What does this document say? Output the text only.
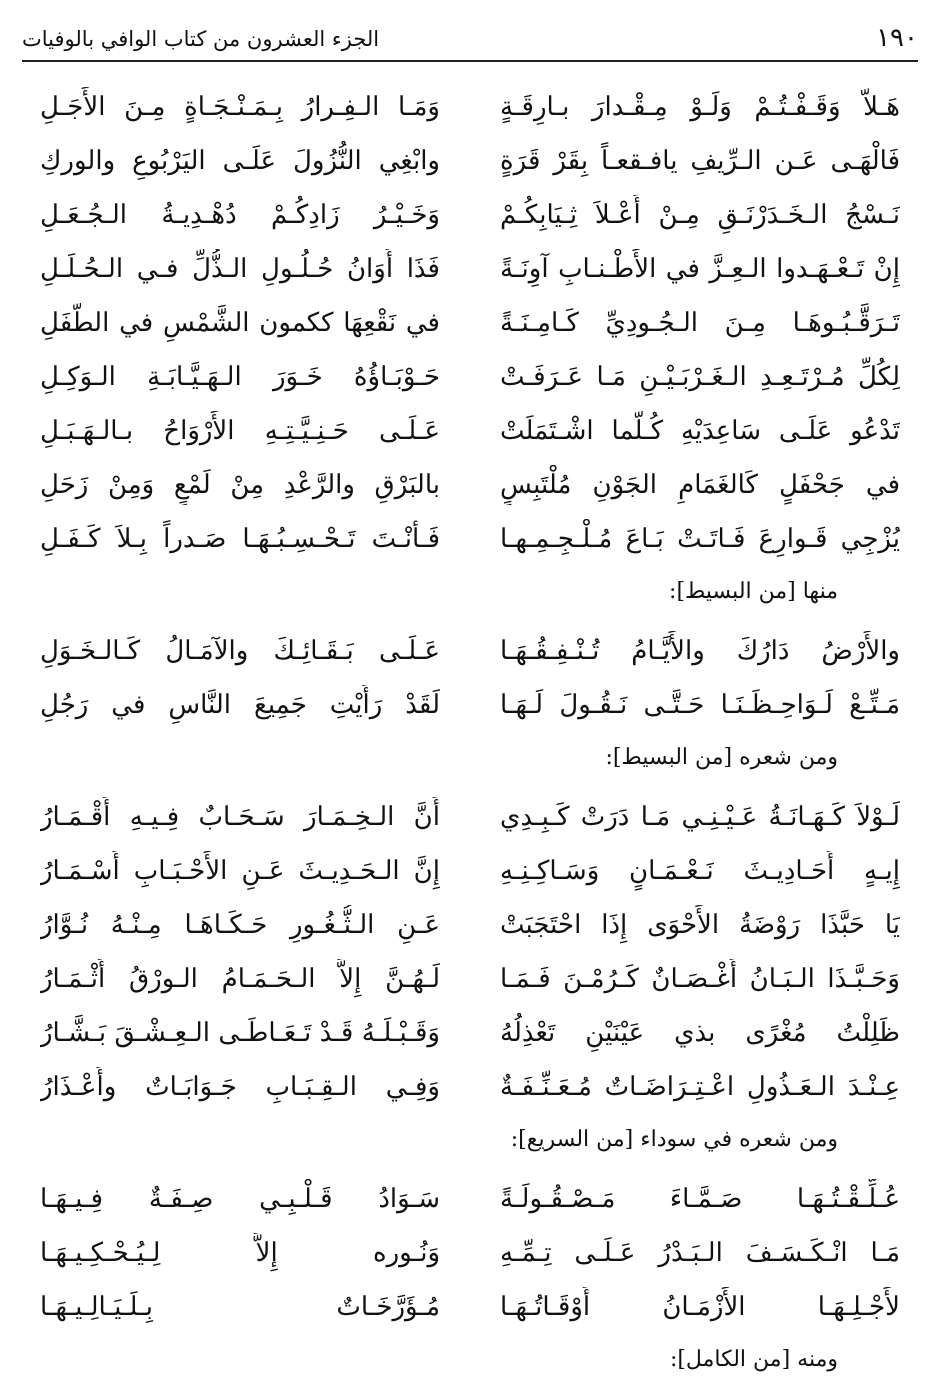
١٩٠
الجزء العشرون من كتاب الوافي بالوفيات
هَـلاّ وَقَـفْـتُـمْ وَلَـوْ مِـقْـدارَ بـارِقَـةٍ
وَمَـا الـفِـرارُ بِـمَـنْـجَـاةٍ مِـنَ الأَجَـلِ
فَالْهَـى عَـن الـرِّيفِ يافـقعـاً بِقَرْ قَرَةٍ
وابْغِي النُّزُولَ عَلَـى اليَرْبُوعِ والوركِ
نَـسْجُ الـخَـدَرْنَـقِ مِـنْ أَعْـلاَ ثِـيَابِكُـمْ
وَخَـيْـرُ زَادِكُـمْ دُهْـدِيـةُ الـجُـعَـلِ
إِنْ تَـعْـهَـدوا الـعِـزَّ في الأَطْـنـابِ آوِنَـةً
فَذَا أَوَانُ حُـلُـولِ الـذُّلِّ فـي الـحُـلَـلِ
تَـرَقَّـبُـوهَـا مِـنَ الـجُـودِيِّ كَـامِـنَـةً
في نَقْعِهَا ككمون الشَّمْسِ في الطَّفَلِ
لِكُلِّ مُـرْتَـعِـدِ الـغَـرْبَـيْـنِ مَـا عَـرَفَـتْ
حَـوْبَـاؤُهُ خَـوَرَ الـهَـيَّـابَـةِ الـوَكِـلِ
تَدْعُو عَلَـى سَاعِدَيْهِ كُـلَّما اشْـتَمَلَتْ
عَـلَـى حَـنِـيَّـتِـهِ الأَرْوَاحُ بـالـهَـبَـلِ
في جَحْفَلٍ كَالغَمَامِ الجَوْنِ مُلْتَبِسٍ
بالبَرْقِ والرَّعْدِ مِنْ لَمْعٍ وَمِنْ زَحَلِ
يُزْجِي قَـوارِعَ فَـاتَـتْ بَـاعَ مُـلْـجِـمِـهـا
فَـأَنْـتَ تَـحْـسِـبُـهَـا صَـدراً بِـلاَ كَـفَـلِ
منها [من البسيط]:
والأَرْضُ دَارُكَ والأَيَّـامُ تُـنْـفِـقُـهَـا
عَـلَـى بَـقَـائِـكَ والآمَـالُ كَـالـخَـوَلِ
مَـتِّـعْ لَـوَاحِـظَـنَـا حَـتَّـى نَـقُـولَ لَـهَـا
لَقَدْ رَأَيْتِ جَمِيعَ النَّاسِ في رَجُلِ
ومن شعره [من البسيط]:
لَـوْلاَ كَـهَـانَـةُ عَـيْـنِـي مَـا دَرَتْ كَـبِـدِي
أَنَّ الـخِـمَـارَ سَـحَـابٌ فِـيـهِ أَقْـمَـارُ
إِيـهٍ أَحَـادِيـثَ نَـعْـمَـانٍ وَسَـاكِـنِـهِ
إِنَّ الـحَـدِيـثَ عَـنِ الأَحْـبَـابِ أَسْـمَـارُ
يَا حَبَّذَا رَوْضَةُ الأَحْوَى إِذَا احْتَجَبَتْ
عَـنِ الـثُّـغُـورِ حَـكَـاهَـا مِـنْـهُ نُـوَّارُ
وَحَـبَّـذَا الـبَـانُ أَغْـصَـانٌ كَـرُمْـنَ فَـمَـا
لَـهُـنَّ إِلاَّ الـحَـمَـامُ الـورْقُ أَثْـمَـارُ
ظَلِلْتُ مُغْرًى بذي عَيْنَيْنِ تَعْذِلُهُ
وَقَـبْـلَـهُ قَـدْ تَـعَـاطَـى الـعِـشْـقَ بَـشَّـارُ
عِـنْـدَ الـعَـذُولِ اعْـتِـرَاضَـاتٌ مُـعَـنِّـفَـةٌ
وَفِـي الـقِـبَـابِ جَـوَابَـاتٌ وأَعْـذَارُ
ومن شعره في سوداء [من السريع]:
عُـلِّـقْـتُـهَـا صَـمَّـاءَ مَـصْـقُـولَـةً
سَـوَادُ قَـلْـبِـي صِـفَـةٌ فِـيـهَـا
مَـا انْـكَـسَـفَ الـبَـدْرُ عَـلَـى تِـمِّـهِ
وَنُـوره إِلاَّ لِـيُـحْـكِـيـهَـا
لأَجْـلِـهَـا الأَزْمَـانُ أَوْقَـاتُـهَـا
مُـؤَرَّخَـاتٌ بِـلَـيَـالِـيـهَـا
ومنه [من الكامل]:
